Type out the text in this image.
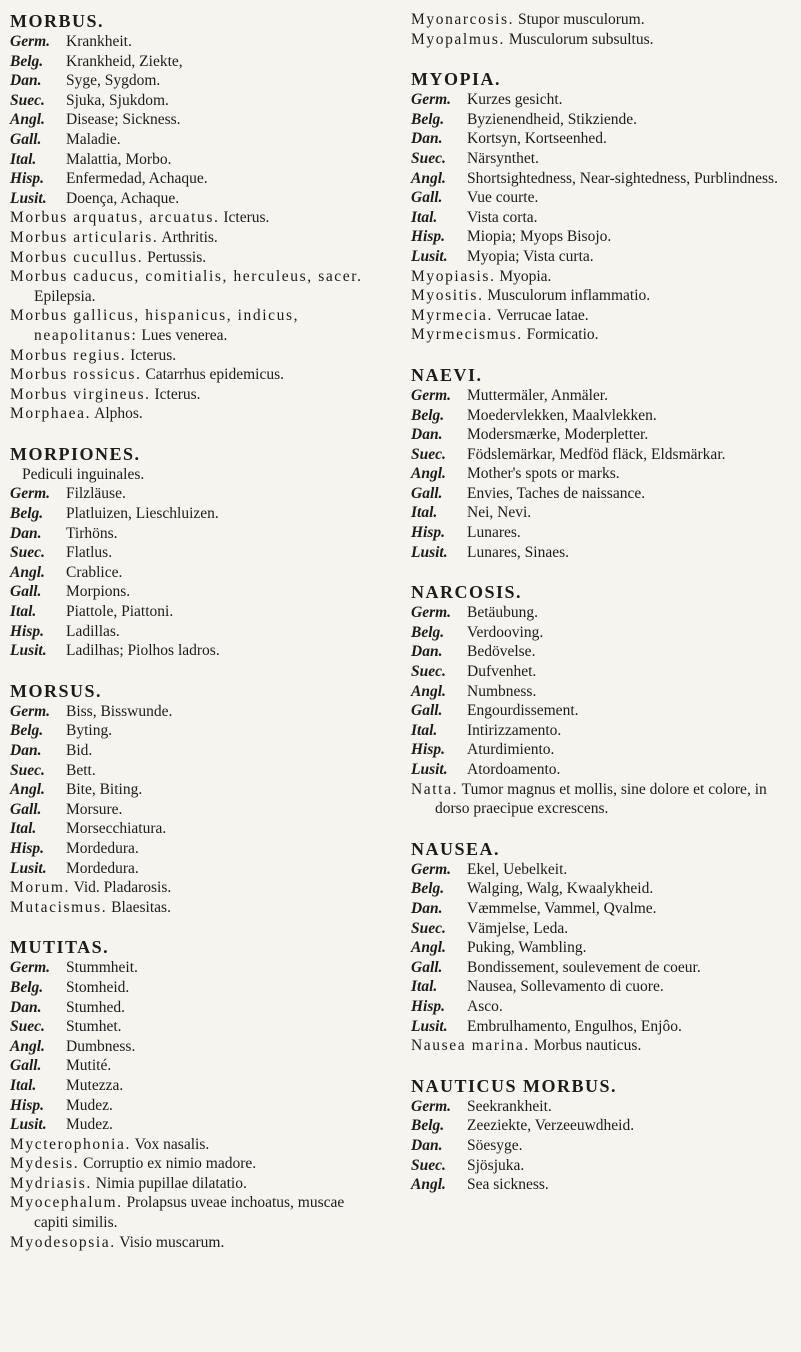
MORBUS.
Germ.	Krankheit.
Belg.	Krankheid, Ziekte,
Dan.	Syge, Sygdom.
Suec.	Sjuka, Sjukdom.
Angl.	Disease; Sickness.
Gall.	Maladie.
Ital.	Malattia, Morbo.
Hisp.	Enfermedad, Achaque.
Lusit.	Doença, Achaque.
Morbus arquatus, arcuatus. Icterus.
Morbus articularis. Arthritis.
Morbus cucullus. Pertussis.
Morbus caducus, comitialis, herculeus, sacer. Epilepsia.
Morbus gallicus, hispanicus, indicus, neapolitanus: Lues venerea.
Morbus regius. Icterus.
Morbus rossicus. Catarrhus epidemicus.
Morbus virgineus. Icterus.
Morphaea. Alphos.
MORPIONES.
Pediculi inguinales.
Germ.	Filzläuse.
Belg.	Platluizen, Lieschluizen.
Dan.	Tirhöns.
Suec.	Flatlus.
Angl.	Crablice.
Gall.	Morpions.
Ital.	Piattole, Piattoni.
Hisp.	Ladillas.
Lusit.	Ladilhas; Piolhos ladros.
MORSUS.
Germ.	Biss, Bisswunde.
Belg.	Byting.
Dan.	Bid.
Suec.	Bett.
Angl.	Bite, Biting.
Gall.	Morsure.
Ital.	Morsecchiatura.
Hisp.	Mordedura.
Lusit.	Mordedura.
Morum. Vid. Pladarosis.
Mutacismus. Blaesitas.
MUTITAS.
Germ.	Stummheit.
Belg.	Stomheid.
Dan.	Stumhed.
Suec.	Stumhet.
Angl.	Dumbness.
Gall.	Mutité.
Ital.	Mutezza.
Hisp.	Mudez.
Lusit.	Mudez.
Mycterophonia. Vox nasalis.
Mydesis. Corruptio ex nimio madore.
Mydriasis. Nimia pupillae dilatatio.
Myocephalum. Prolapsus uveae inchoatus, muscae capiti similis.
Myodesopsia. Visio muscarum.
Myonarcosis. Stupor musculorum.
Myopalmus. Musculorum subsultus.
MYOPIA.
Germ.	Kurzes gesicht.
Belg.	Byzienendheid, Stikziende.
Dan.	Kortsyn, Kortseenhed.
Suec.	Närsynthet.
Angl.	Shortsightedness, Near-sightedness, Purblindness.
Gall.	Vue courte.
Ital.	Vista corta.
Hisp.	Miopia; Myops Bisojo.
Lusit.	Myopia; Vista curta.
Myopiasis. Myopia.
Myositis. Musculorum inflammatio.
Myrmecia. Verrucae latae.
Myrmecismus. Formicatio.
NAEVI.
Germ.	Muttermäler, Anmäler.
Belg.	Moedervlekken, Maalvlekken.
Dan.	Modersmærke, Moderpletter.
Suec.	Födslemärkar, Medföd fläck, Eldsmärkar.
Angl.	Mother's spots or marks.
Gall.	Envies, Taches de naissance.
Ital.	Nei, Nevi.
Hisp.	Lunares.
Lusit.	Lunares, Sinaes.
NARCOSIS.
Germ.	Betäubung.
Belg.	Verdooving.
Dan.	Bedövelse.
Suec.	Dufvenhet.
Angl.	Numbness.
Gall.	Engourdissement.
Ital.	Intirizzamento.
Hisp.	Aturdimiento.
Lusit.	Atordoamento.
Natta. Tumor magnus et mollis, sine dolore et colore, in dorso praecipue excrescens.
NAUSEA.
Germ.	Ekel, Uebelkeit.
Belg.	Walging, Walg, Kwaalykheid.
Dan.	Væmmelse, Vammel, Qvalme.
Suec.	Vämjelse, Leda.
Angl.	Puking, Wambling.
Gall.	Bondissement, soulevement de coeur.
Ital.	Nausea, Sollevamento di cuore.
Hisp.	Asco.
Lusit.	Embrulhamento, Engulhos, Enjôo.
Nausea marina. Morbus nauticus.
NAUTICUS MORBUS.
Germ.	Seekrankheit.
Belg.	Zeeziekte, Verzeeuwdheid.
Dan.	Söesyge.
Suec.	Sjösjuka.
Angl.	Sea sickness.
